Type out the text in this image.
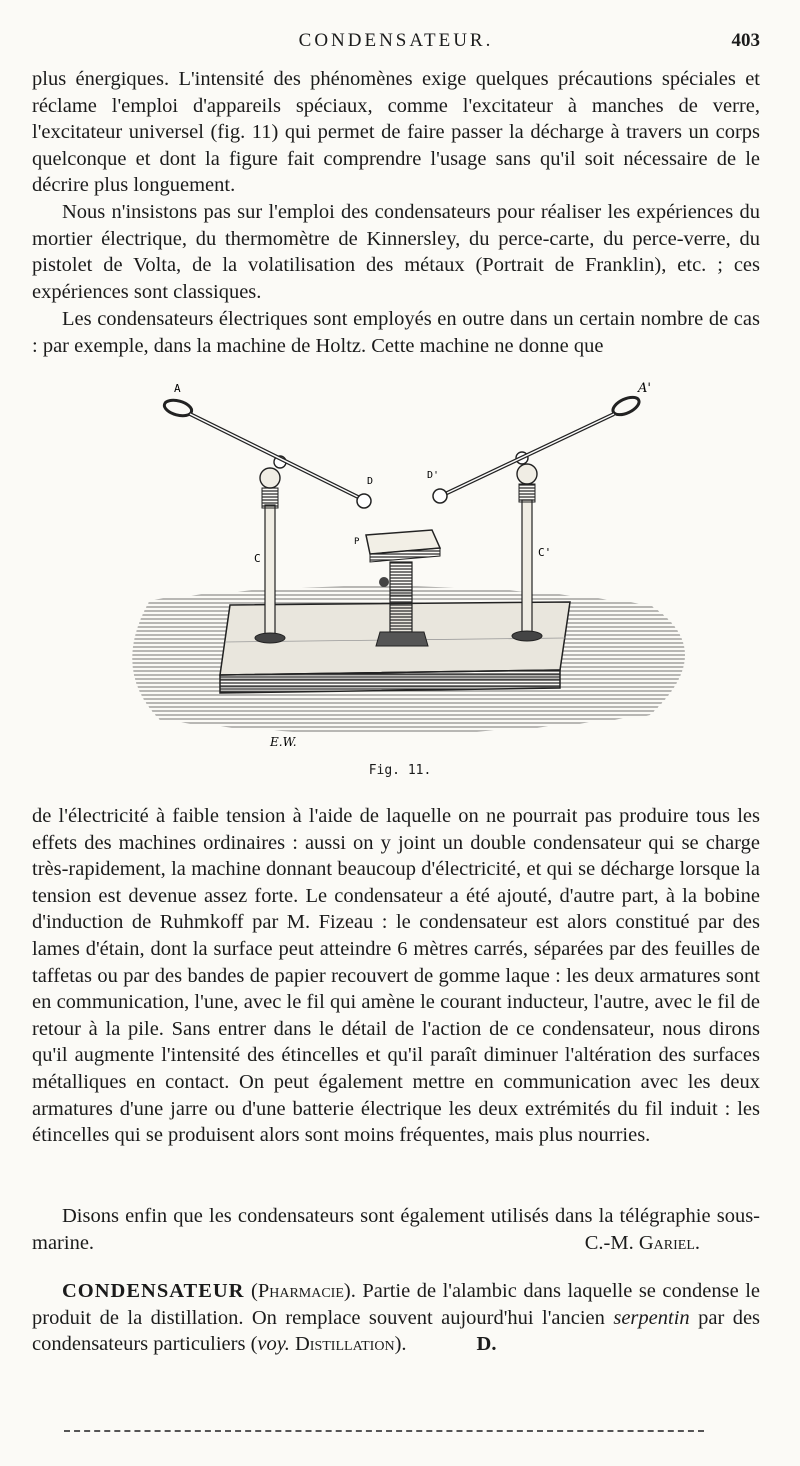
CONDENSATEUR.	403

plus énergiques. L'intensité des phénomènes exige quelques précautions spéciales et réclame l'emploi d'appareils spéciaux, comme l'excitateur à manches de verre, l'excitateur universel (fig. 11) qui permet de faire passer la décharge à travers un corps quelconque et dont la figure fait comprendre l'usage sans qu'il soit nécessaire de le décrire plus longuement.

Nous n'insistons pas sur l'emploi des condensateurs pour réaliser les expériences du mortier électrique, du thermomètre de Kinnersley, du perce-carte, du perce-verre, du pistolet de Volta, de la volatilisation des métaux (Portrait de Franklin), etc. ; ces expériences sont classiques.

Les condensateurs électriques sont employés en outre dans un certain nombre de cas : par exemple, dans la machine de Holtz. Cette machine ne donne que

A	A'
D
D'
P
C	C'
E.W.
Fig. 11.

de l'électricité à faible tension à l'aide de laquelle on ne pourrait pas produire tous les effets des machines ordinaires : aussi on y joint un double condensateur qui se charge très-rapidement, la machine donnant beaucoup d'électricité, et qui se décharge lorsque la tension est devenue assez forte. Le condensateur a été ajouté, d'autre part, à la bobine d'induction de Ruhmkoff par M. Fizeau : le condensateur est alors constitué par des lames d'étain, dont la surface peut atteindre 6 mètres carrés, séparées par des feuilles de taffetas ou par des bandes de papier recouvert de gomme laque : les deux armatures sont en communication, l'une, avec le fil qui amène le courant inducteur, l'autre, avec le fil de retour à la pile. Sans entrer dans le détail de l'action de ce condensateur, nous dirons qu'il augmente l'intensité des étincelles et qu'il paraît diminuer l'altération des surfaces métalliques en contact. On peut également mettre en communication avec les deux armatures d'une jarre ou d'une batterie électrique les deux extrémités du fil induit : les étincelles qui se produisent alors sont moins fréquentes, mais plus nourries.

Disons enfin que les condensateurs sont également utilisés dans la télégraphie sous-marine.	C.-M. Gariel.

CONDENSATEUR (Pharmacie). Partie de l'alambic dans laquelle se condense le produit de la distillation. On remplace souvent aujourd'hui l'ancien serpentin par des condensateurs particuliers (voy. Distillation).	D.
